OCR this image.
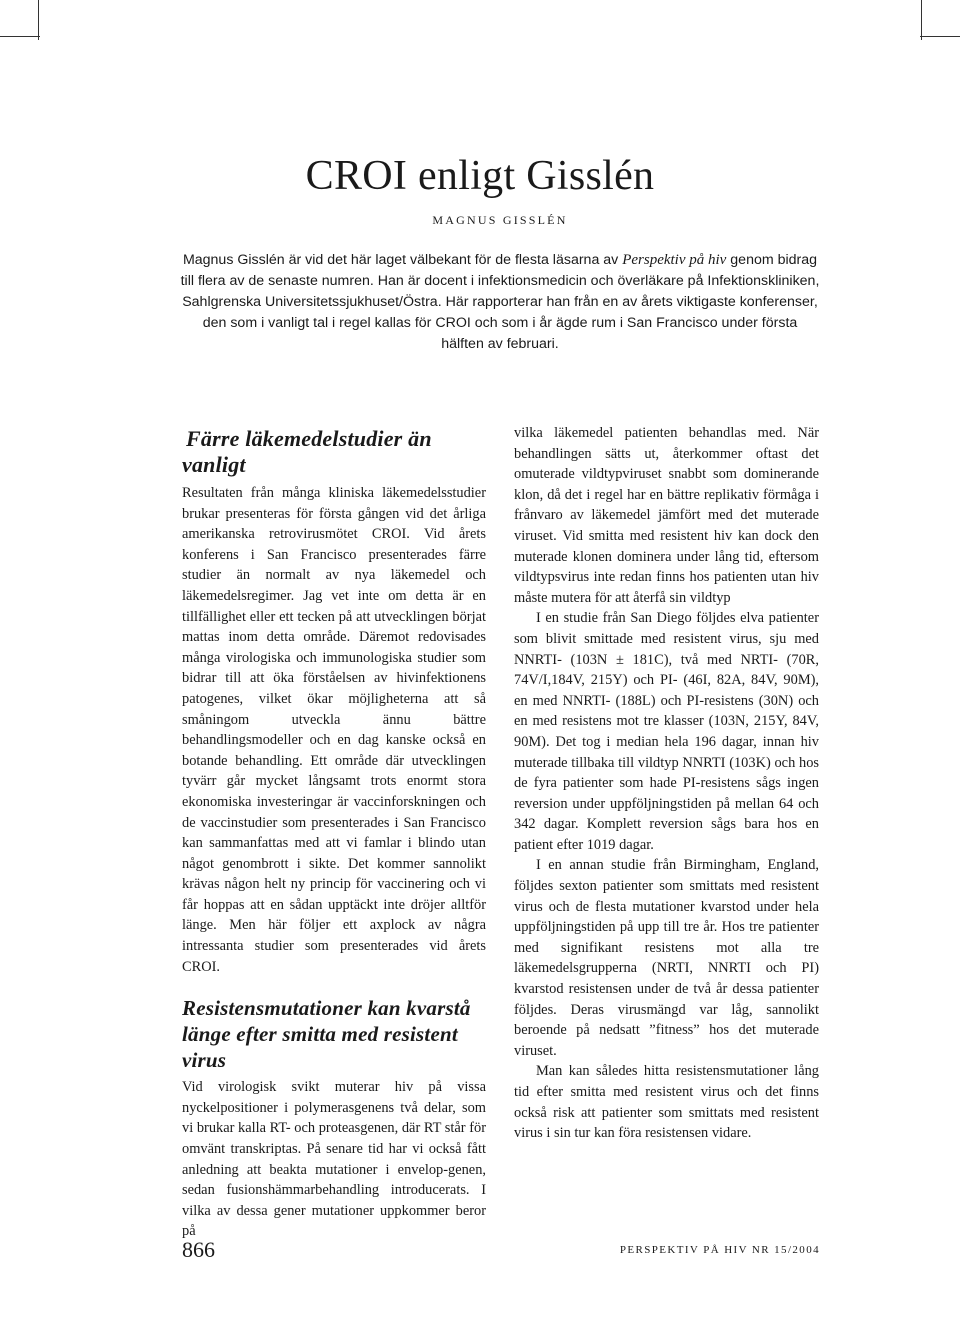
CROI enligt Gisslén
MAGNUS GISSLÉN

Magnus Gisslén är vid det här laget välbekant för de flesta läsarna av Perspektiv på hiv genom bidrag till flera av de senaste numren. Han är docent i infektionsmedicin och överläkare på Infektionskliniken, Sahlgrenska Universitetssjukhuset/Östra. Här rapporterar han från en av årets viktigaste konferenser, den som i vanligt tal i regel kallas för CROI och som i år ägde rum i San Francisco under första hälften av februari.

Färre läkemedelstudier än vanligt

Resultaten från många kliniska läkemedelsstudier brukar presenteras för första gången vid det årliga amerikanska retrovirusmötet CROI. Vid årets konferens i San Francisco presenterades färre studier än normalt av nya läkemedel och läkemedelsregimer. Jag vet inte om detta är en tillfällighet eller ett tecken på att utvecklingen börjat mattas inom detta område. Däremot redovisades många virologiska och immunologiska studier som bidrar till att öka förståelsen av hivinfektionens patogenes, vilket ökar möjligheterna att så småningom utveckla ännu bättre behandlingsmodeller och en dag kanske också en botande behandling. Ett område där utvecklingen tyvärr går mycket långsamt trots enormt stora ekonomiska investeringar är vaccinforskningen och de vaccinstudier som presenterades i San Francisco kan sammanfattas med att vi famlar i blindo utan något genombrott i sikte. Det kommer sannolikt krävas någon helt ny princip för vaccinering och vi får hoppas att en sådan upptäckt inte dröjer alltför länge. Men här följer ett axplock av några intressanta studier som presenterades vid årets CROI.

Resistensmutationer kan kvarstå länge efter smitta med resistent virus

Vid virologisk svikt muterar hiv på vissa nyckelpositioner i polymerasgenens två delar, som vi brukar kalla RT- och proteasgenen, där RT står för omvänt transkriptas. På senare tid har vi också fått anledning att beakta mutationer i envelop-genen, sedan fusionshämmarbehandling introducerats. I vilka av dessa gener mutationer uppkommer beror på

vilka läkemedel patienten behandlas med. När behandlingen sätts ut, återkommer oftast det omuterade vildtypviruset snabbt som dominerande klon, då det i regel har en bättre replikativ förmåga i frånvaro av läkemedel jämfört med det muterade viruset. Vid smitta med resistent hiv kan dock den muterade klonen dominera under lång tid, eftersom vildtypsvirus inte redan finns hos patienten utan hiv måste mutera för att återfå sin vildtyp

I en studie från San Diego följdes elva patienter som blivit smittade med resistent virus, sju med NNRTI- (103N ± 181C), två med NRTI- (70R, 74V/I,184V, 215Y) och PI- (46I, 82A, 84V, 90M), en med NNRTI- (188L) och PI-resistens (30N) och en med resistens mot tre klasser (103N, 215Y, 84V, 90M). Det tog i median hela 196 dagar, innan hiv muterade tillbaka till vildtyp NNRTI (103K) och hos de fyra patienter som hade PI-resistens sågs ingen reversion under uppföljningstiden på mellan 64 och 342 dagar. Komplett reversion sågs bara hos en patient efter 1019 dagar.

I en annan studie från Birmingham, England, följdes sexton patienter som smittats med resistent virus och de flesta mutationer kvarstod under hela uppföljningstiden på upp till tre år. Hos tre patienter med signifikant resistens mot alla tre läkemedelsgrupperna (NRTI, NNRTI och PI) kvarstod resistensen under de två år dessa patienter följdes. Deras virusmängd var låg, sannolikt beroende på nedsatt ”fitness” hos det muterade viruset.

Man kan således hitta resistensmutationer lång tid efter smitta med resistent virus och det finns också risk att patienter som smittats med resistent virus i sin tur kan föra resistensen vidare.

866	PERSPEKTIV PÅ HIV NR 15/2004
